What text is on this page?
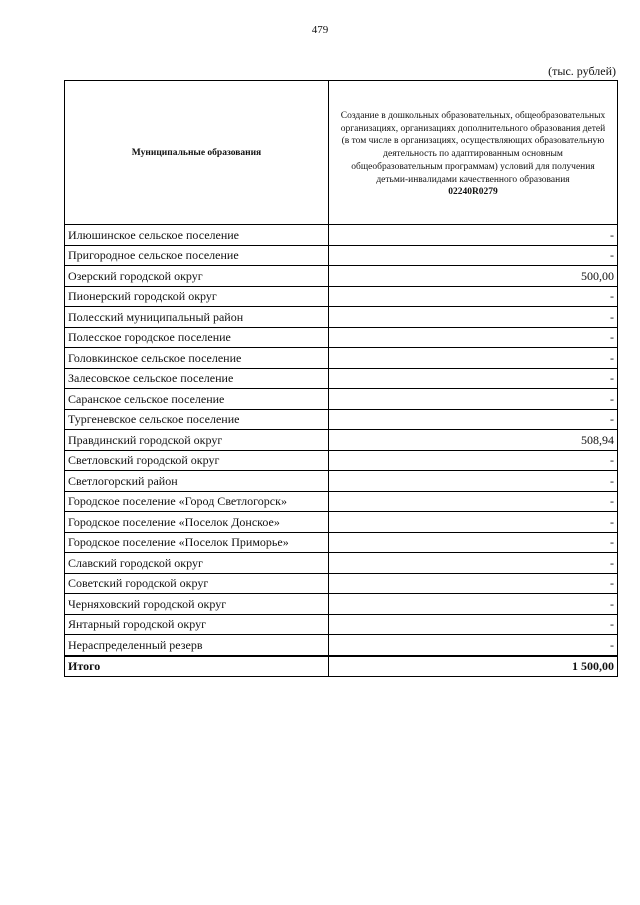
479
(тыс. рублей)
Муниципальные образования	Создание в дошкольных образовательных, общеобразовательных организациях, организациях дополнительного образования детей (в том числе в организациях, осуществляющих образовательную деятельность по адаптированным основным общеобразовательным программам) условий для получения детьми-инвалидами качественного образования
02240R0279

Илюшинское сельское поселение	-
Пригородное сельское поселение	-
Озерский городской округ	500,00
Пионерский городской округ	-
Полесский муниципальный район	-
Полесское городское поселение	-
Головкинское сельское поселение	-
Залесовское сельское поселение	-
Саранское сельское поселение	-
Тургеневское сельское поселение	-
Правдинский городской округ	508,94
Светловский городской округ	-
Светлогорский район	-
Городское поселение «Город Светлогорск»	-
Городское поселение «Поселок Донское»	-
Городское поселение «Поселок Приморье»	-
Славский городской округ	-
Советский городской округ	-
Черняховский городской округ	-
Янтарный городской округ	-
Нераспределенный резерв	-
Итого	1 500,00
